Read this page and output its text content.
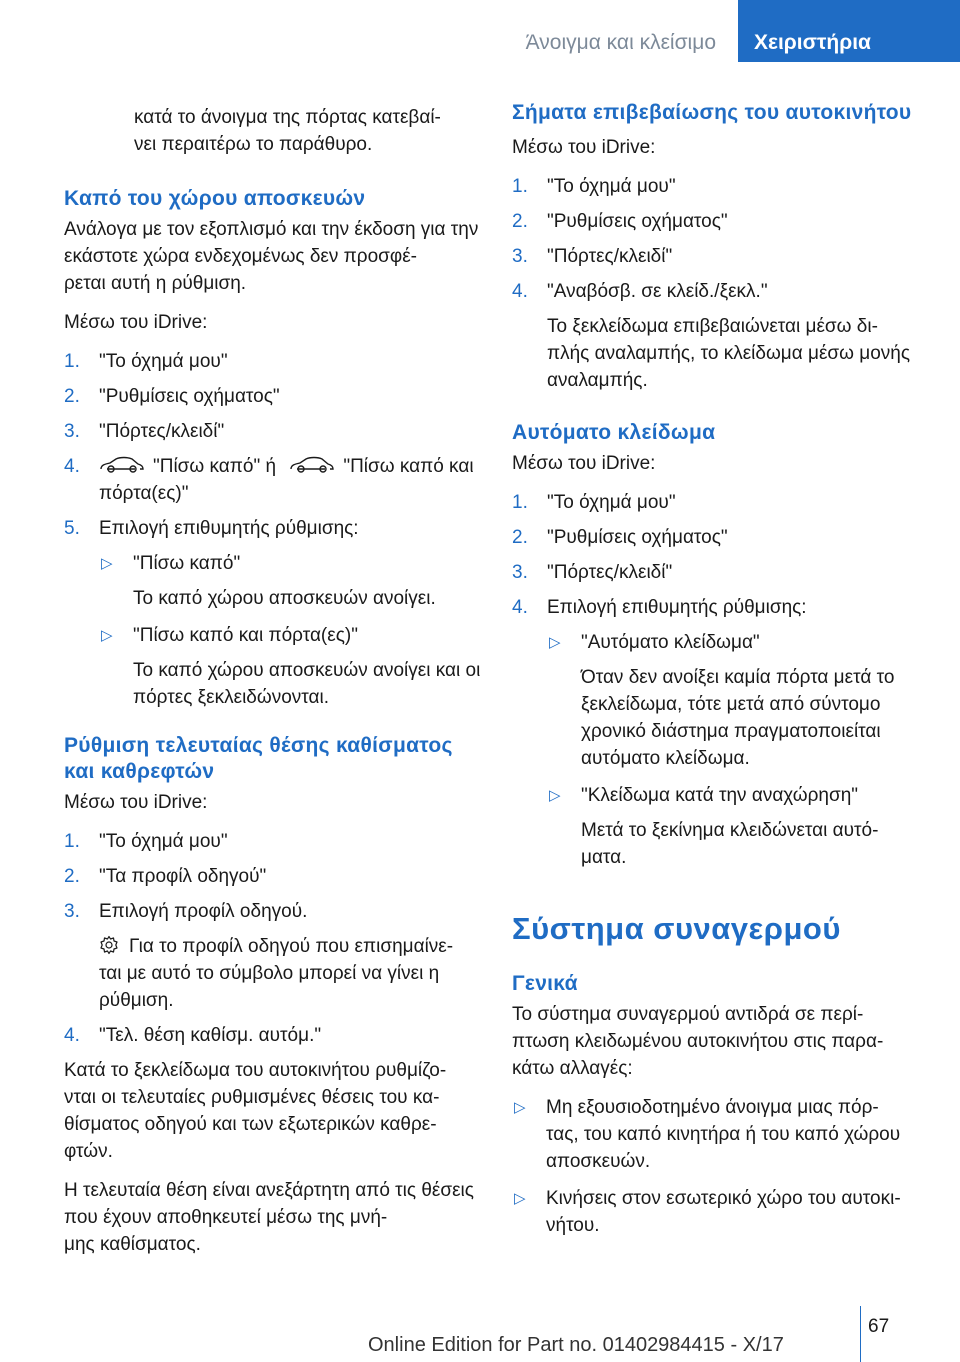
Άνοιγμα και κλείσιμο	Χειριστήρια
κατά το άνοιγμα της πόρτας κατεβαί-
νει περαιτέρω το παράθυρο.
Καπό του χώρου αποσκευών
Ανάλογα με τον εξοπλισμό και την έκδοση για την εκάστοτε χώρα ενδεχομένως δεν προσφέ-
ρεται αυτή η ρύθμιση.
Μέσω του iDrive:
1. "Το όχημά μου"
2. "Ρυθμίσεις οχήματος"
3. "Πόρτες/κλειδί"
4.	"Πίσω καπό" ή	"Πίσω καπό και πόρτα(ες)"
5. Επιλογή επιθυμητής ρύθμισης:
▷ "Πίσω καπό"
Το καπό χώρου αποσκευών ανοίγει.
▷ "Πίσω καπό και πόρτα(ες)"
Το καπό χώρου αποσκευών ανοίγει και οι πόρτες ξεκλειδώνονται.
Ρύθμιση τελευταίας θέσης καθίσματος και καθρεφτών
Μέσω του iDrive:
1. "Το όχημά μου"
2. "Τα προφίλ οδηγού"
3. Επιλογή προφίλ οδηγού.
Για το προφίλ οδηγού που επισημαίνε-
ται με αυτό το σύμβολο μπορεί να γίνει η ρύθμιση.
4. "Τελ. θέση καθίσμ. αυτόμ."
Κατά το ξεκλείδωμα του αυτοκινήτου ρυθμίζο-
νται οι τελευταίες ρυθμισμένες θέσεις του κα-
θίσματος οδηγού και των εξωτερικών καθρε-
φτών.
Η τελευταία θέση είναι ανεξάρτητη από τις θέσεις που έχουν αποθηκευτεί μέσω της μνή-
μης καθίσματος.
Σήματα επιβεβαίωσης του αυτοκινήτου
Μέσω του iDrive:
1. "Το όχημά μου"
2. "Ρυθμίσεις οχήματος"
3. "Πόρτες/κλειδί"
4. "Αναβόσβ. σε κλείδ./ξεκλ."
Το ξεκλείδωμα επιβεβαιώνεται μέσω δι-
πλής αναλαμπής, το κλείδωμα μέσω μονής αναλαμπής.
Αυτόματο κλείδωμα
Μέσω του iDrive:
1. "Το όχημά μου"
2. "Ρυθμίσεις οχήματος"
3. "Πόρτες/κλειδί"
4. Επιλογή επιθυμητής ρύθμισης:
▷ "Αυτόματο κλείδωμα"
Όταν δεν ανοίξει καμία πόρτα μετά το ξεκλείδωμα, τότε μετά από σύντομο χρονικό διάστημα πραγματοποιείται αυτόματο κλείδωμα.
▷ "Κλείδωμα κατά την αναχώρηση"
Μετά το ξεκίνημα κλειδώνεται αυτό-
ματα.
Σύστημα συναγερμού
Γενικά
Το σύστημα συναγερμού αντιδρά σε περί-
πτωση κλειδωμένου αυτοκινήτου στις παρα-
κάτω αλλαγές:
▷ Μη εξουσιοδοτημένο άνοιγμα μιας πόρ-
τας, του καπό κινητήρα ή του καπό χώρου αποσκευών.
▷ Κινήσεις στον εσωτερικό χώρο του αυτοκι-
νήτου.
67
Online Edition for Part no. 01402984415 - X/17
